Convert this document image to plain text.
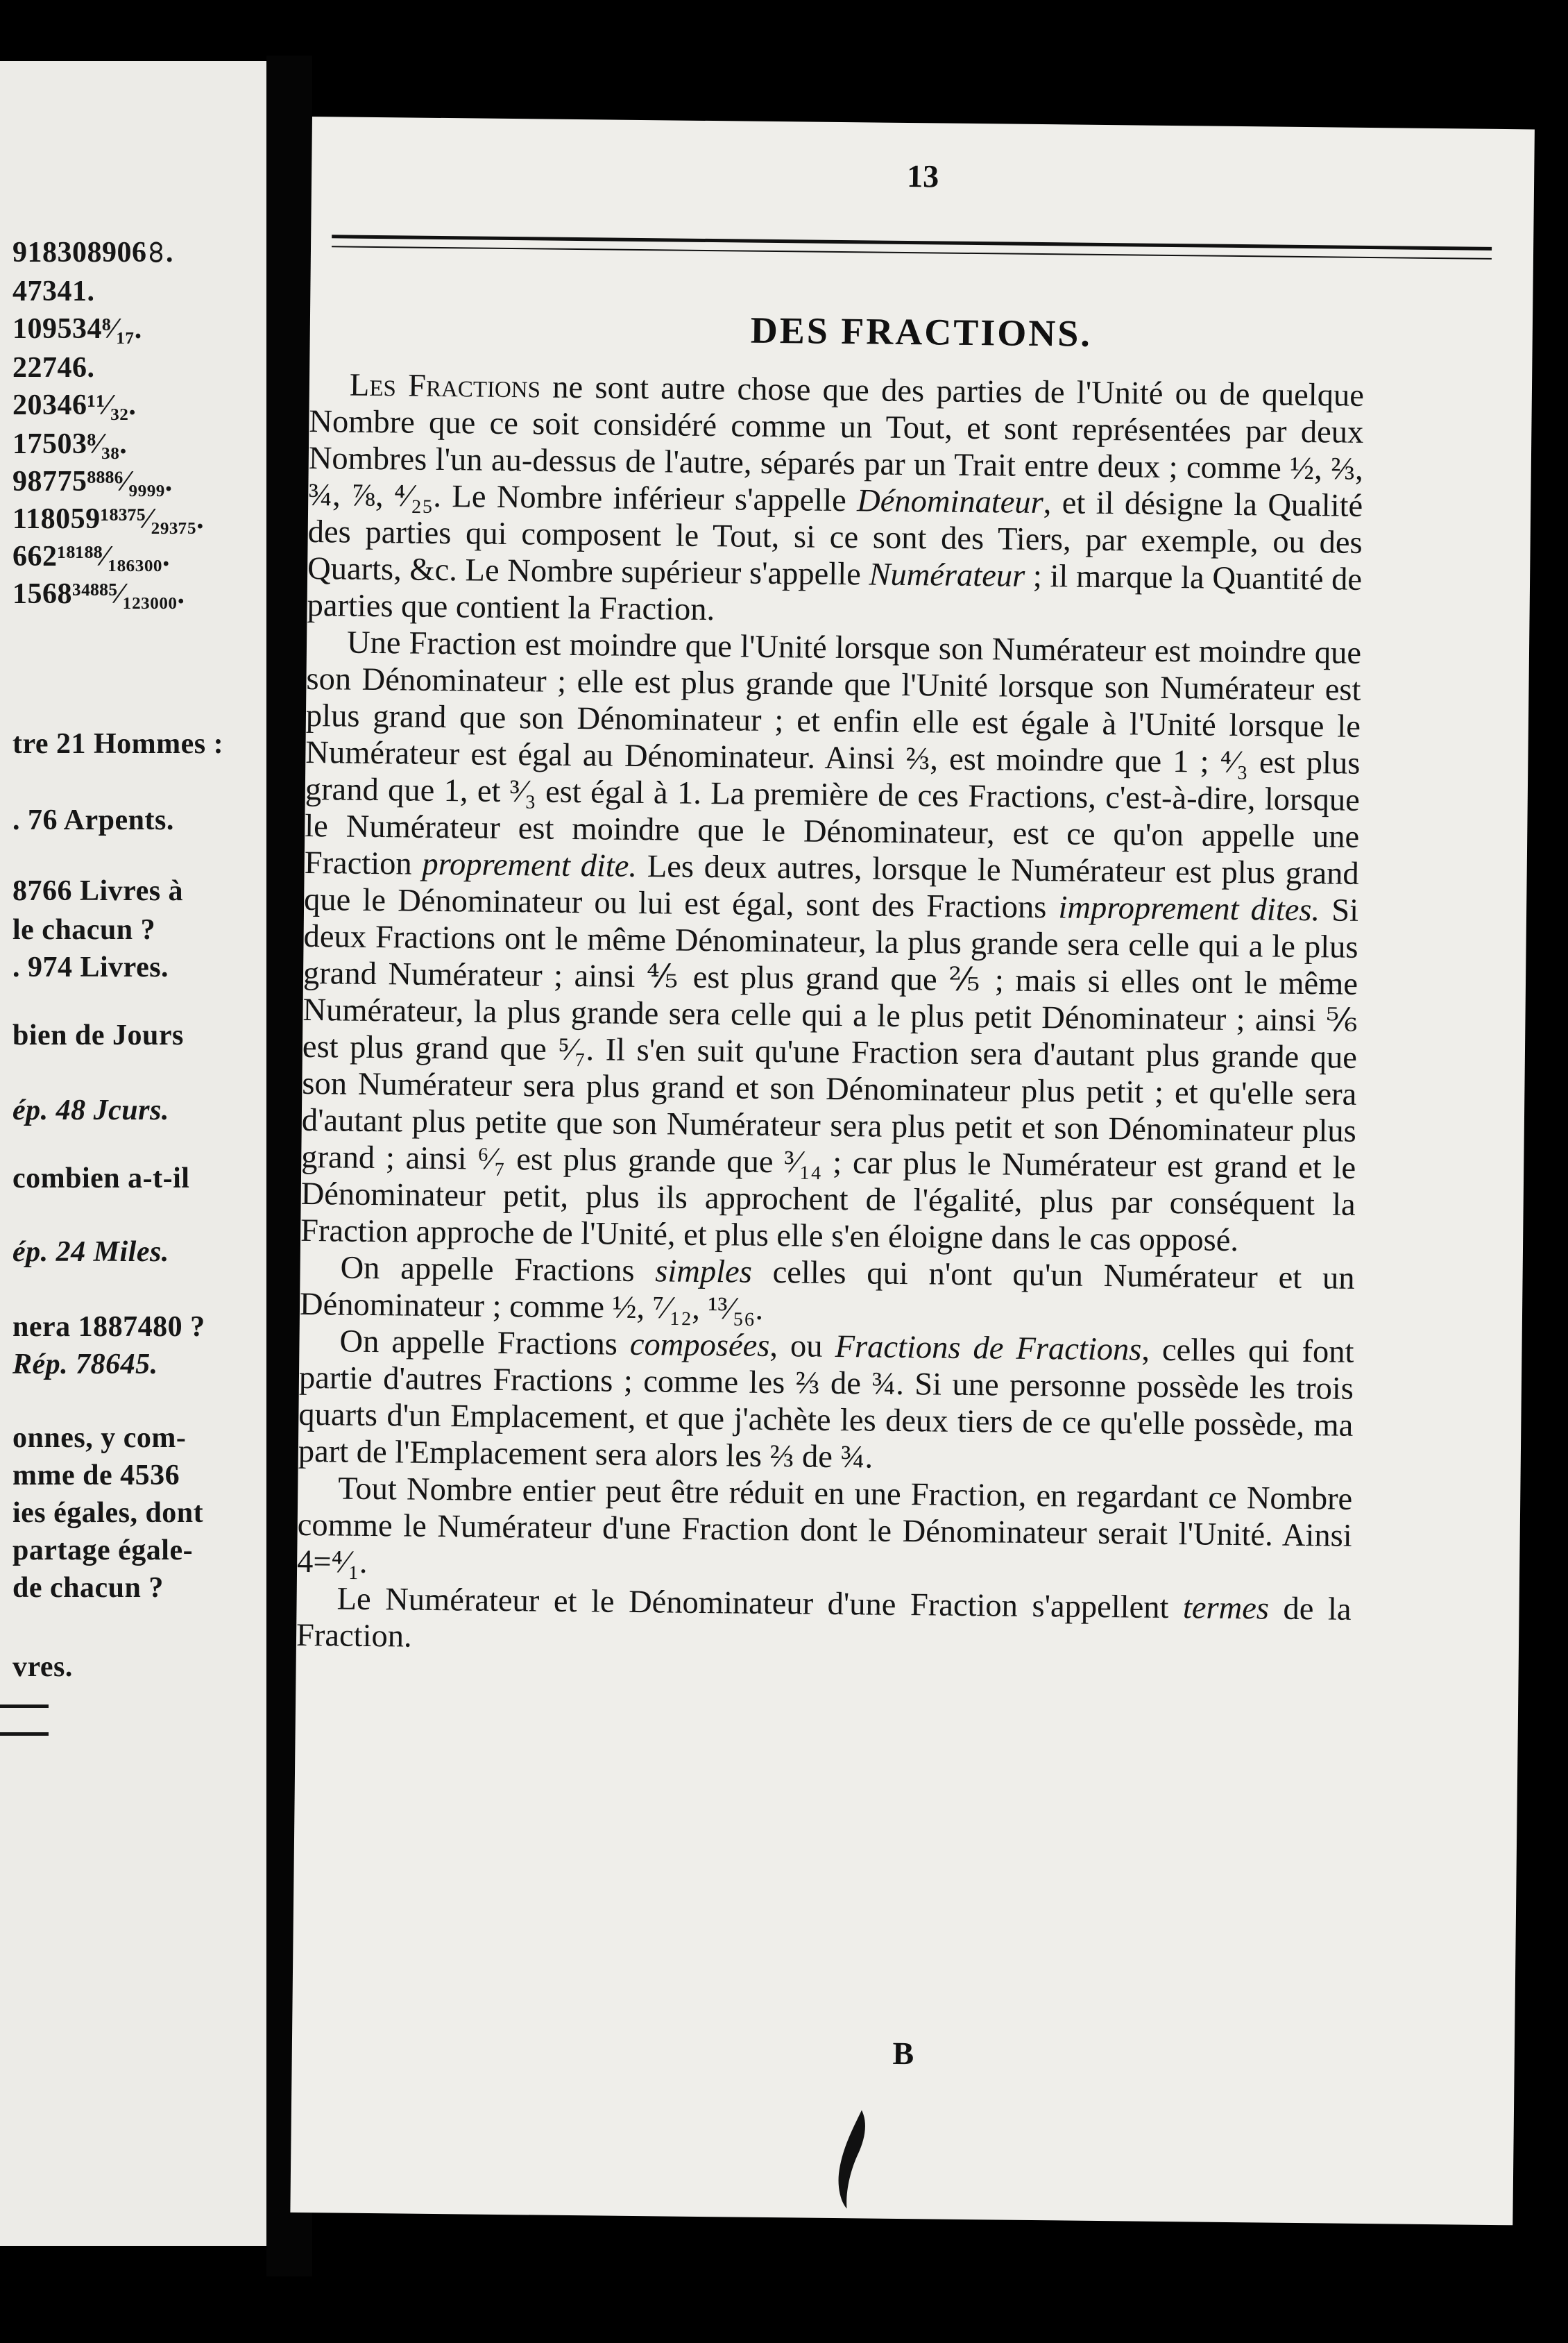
918308906𝟾.
47341.
109534⁸⁄₁₇.
22746.
20346¹¹⁄₃₂.
17503⁸⁄₃₈.
98775⁸⁸⁸⁶⁄₉₉₉₉.
118059¹⁸³⁷⁵⁄₂₉₃₇₅.
662¹⁸¹⁸⁸⁄₁₈₆₃₀₀.
1568³⁴⁸⁸⁵⁄₁₂₃₀₀₀.
tre 21 Hommes :
. 76 Arpents.
8766 Livres à
le chacun ?
. 974 Livres.
bien de Jours
ép. 48 Jcurs.
combien a-t-il
ép. 24 Miles.
nera 1887480 ?
Rép. 78645.
onnes, y com-
mme de 4536
ies égales, dont
partage égale-
de chacun ?
vres.
13
DES FRACTIONS.

Les Fractions ne sont autre chose que des parties de l'Unité ou de quelque Nombre que ce soit considéré comme un Tout, et sont représentées par deux Nombres l'un au-dessus de l'autre, séparés par un Trait entre deux ; comme ½, ⅔, ¾, ⅞, ⁴⁄₂₅. Le Nombre inférieur s'appelle Dénominateur, et il désigne la Qualité des parties qui composent le Tout, si ce sont des Tiers, par exemple, ou des Quarts, &c. Le Nombre supérieur s'appelle Numérateur ; il marque la Quantité de parties que contient la Fraction.

Une Fraction est moindre que l'Unité lorsque son Numérateur est moindre que son Dénominateur ; elle est plus grande que l'Unité lorsque son Numérateur est plus grand que son Dénominateur ; et enfin elle est égale à l'Unité lorsque le Numérateur est égal au Dénominateur. Ainsi ⅔, est moindre que 1 ; ⁴⁄₃ est plus grand que 1, et ³⁄₃ est égal à 1. La première de ces Fractions, c'est-à-dire, lorsque le Numérateur est moindre que le Dénominateur, est ce qu'on appelle une Fraction proprement dite. Les deux autres, lorsque le Numérateur est plus grand que le Dénominateur ou lui est égal, sont des Fractions improprement dites. Si deux Fractions ont le même Dénominateur, la plus grande sera celle qui a le plus grand Numérateur ; ainsi ⅘ est plus grand que ⅖ ; mais si elles ont le même Numérateur, la plus grande sera celle qui a le plus petit Dénominateur ; ainsi ⅚ est plus grand que ⁵⁄₇. Il s'en suit qu'une Fraction sera d'autant plus grande que son Numérateur sera plus grand et son Dénominateur plus petit ; et qu'elle sera d'autant plus petite que son Numérateur sera plus petit et son Dénominateur plus grand ; ainsi ⁶⁄₇ est plus grande que ³⁄₁₄ ; car plus le Numérateur est grand et le Dénominateur petit, plus ils approchent de l'égalité, plus par conséquent la Fraction approche de l'Unité, et plus elle s'en éloigne dans le cas opposé.

On appelle Fractions simples celles qui n'ont qu'un Numérateur et un Dénominateur ; comme ½, ⁷⁄₁₂, ¹³⁄₅₆.

On appelle Fractions composées, ou Fractions de Fractions, celles qui font partie d'autres Fractions ; comme les ⅔ de ¾. Si une personne possède les trois quarts d'un Emplacement, et que j'achète les deux tiers de ce qu'elle possède, ma part de l'Emplacement sera alors les ⅔ de ¾.

Tout Nombre entier peut être réduit en une Fraction, en regardant ce Nombre comme le Numérateur d'une Fraction dont le Dénominateur serait l'Unité. Ainsi 4=⁴⁄₁.

Le Numérateur et le Dénominateur d'une Fraction s'appellent termes de la Fraction.

B
